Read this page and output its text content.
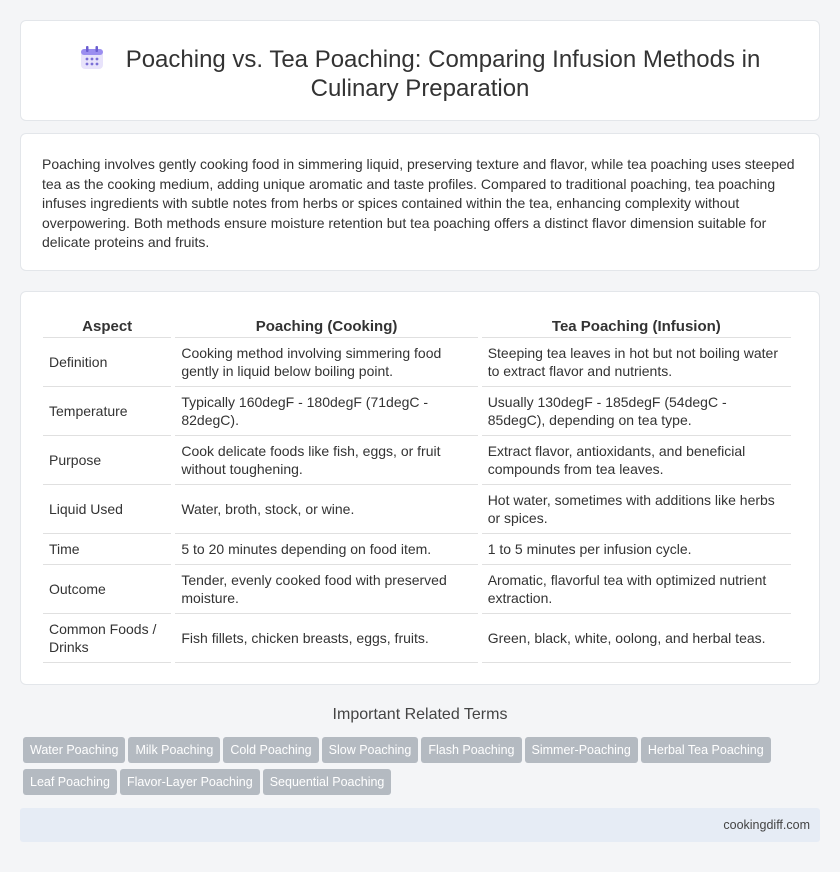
Poaching vs. Tea Poaching: Comparing Infusion Methods in
Culinary Preparation

Poaching involves gently cooking food in simmering liquid, preserving texture and flavor, while tea poaching uses steeped tea as the cooking medium, adding unique aromatic and taste profiles. Compared to traditional poaching, tea poaching infuses ingredients with subtle notes from herbs or spices contained within the tea, enhancing complexity without overpowering. Both methods ensure moisture retention but tea poaching offers a distinct flavor dimension suitable for delicate proteins and fruits.

Aspect	Poaching (Cooking)	Tea Poaching (Infusion)
Definition	Cooking method involving simmering food gently in liquid below boiling point.	Steeping tea leaves in hot but not boiling water to extract flavor and nutrients.
Temperature	Typically 160degF - 180degF (71degC - 82degC).	Usually 130degF - 185degF (54degC - 85degC), depending on tea type.
Purpose	Cook delicate foods like fish, eggs, or fruit without toughening.	Extract flavor, antioxidants, and beneficial compounds from tea leaves.
Liquid Used	Water, broth, stock, or wine.	Hot water, sometimes with additions like herbs or spices.
Time	5 to 20 minutes depending on food item.	1 to 5 minutes per infusion cycle.
Outcome	Tender, evenly cooked food with preserved moisture.	Aromatic, flavorful tea with optimized nutrient extraction.
Common Foods / Drinks	Fish fillets, chicken breasts, eggs, fruits.	Green, black, white, oolong, and herbal teas.
Important Related Terms
Water Poaching Milk Poaching Cold Poaching Slow Poaching Flash Poaching Simmer-Poaching Herbal Tea Poaching
Leaf Poaching Flavor-Layer Poaching Sequential Poaching
cookingdiff.com
